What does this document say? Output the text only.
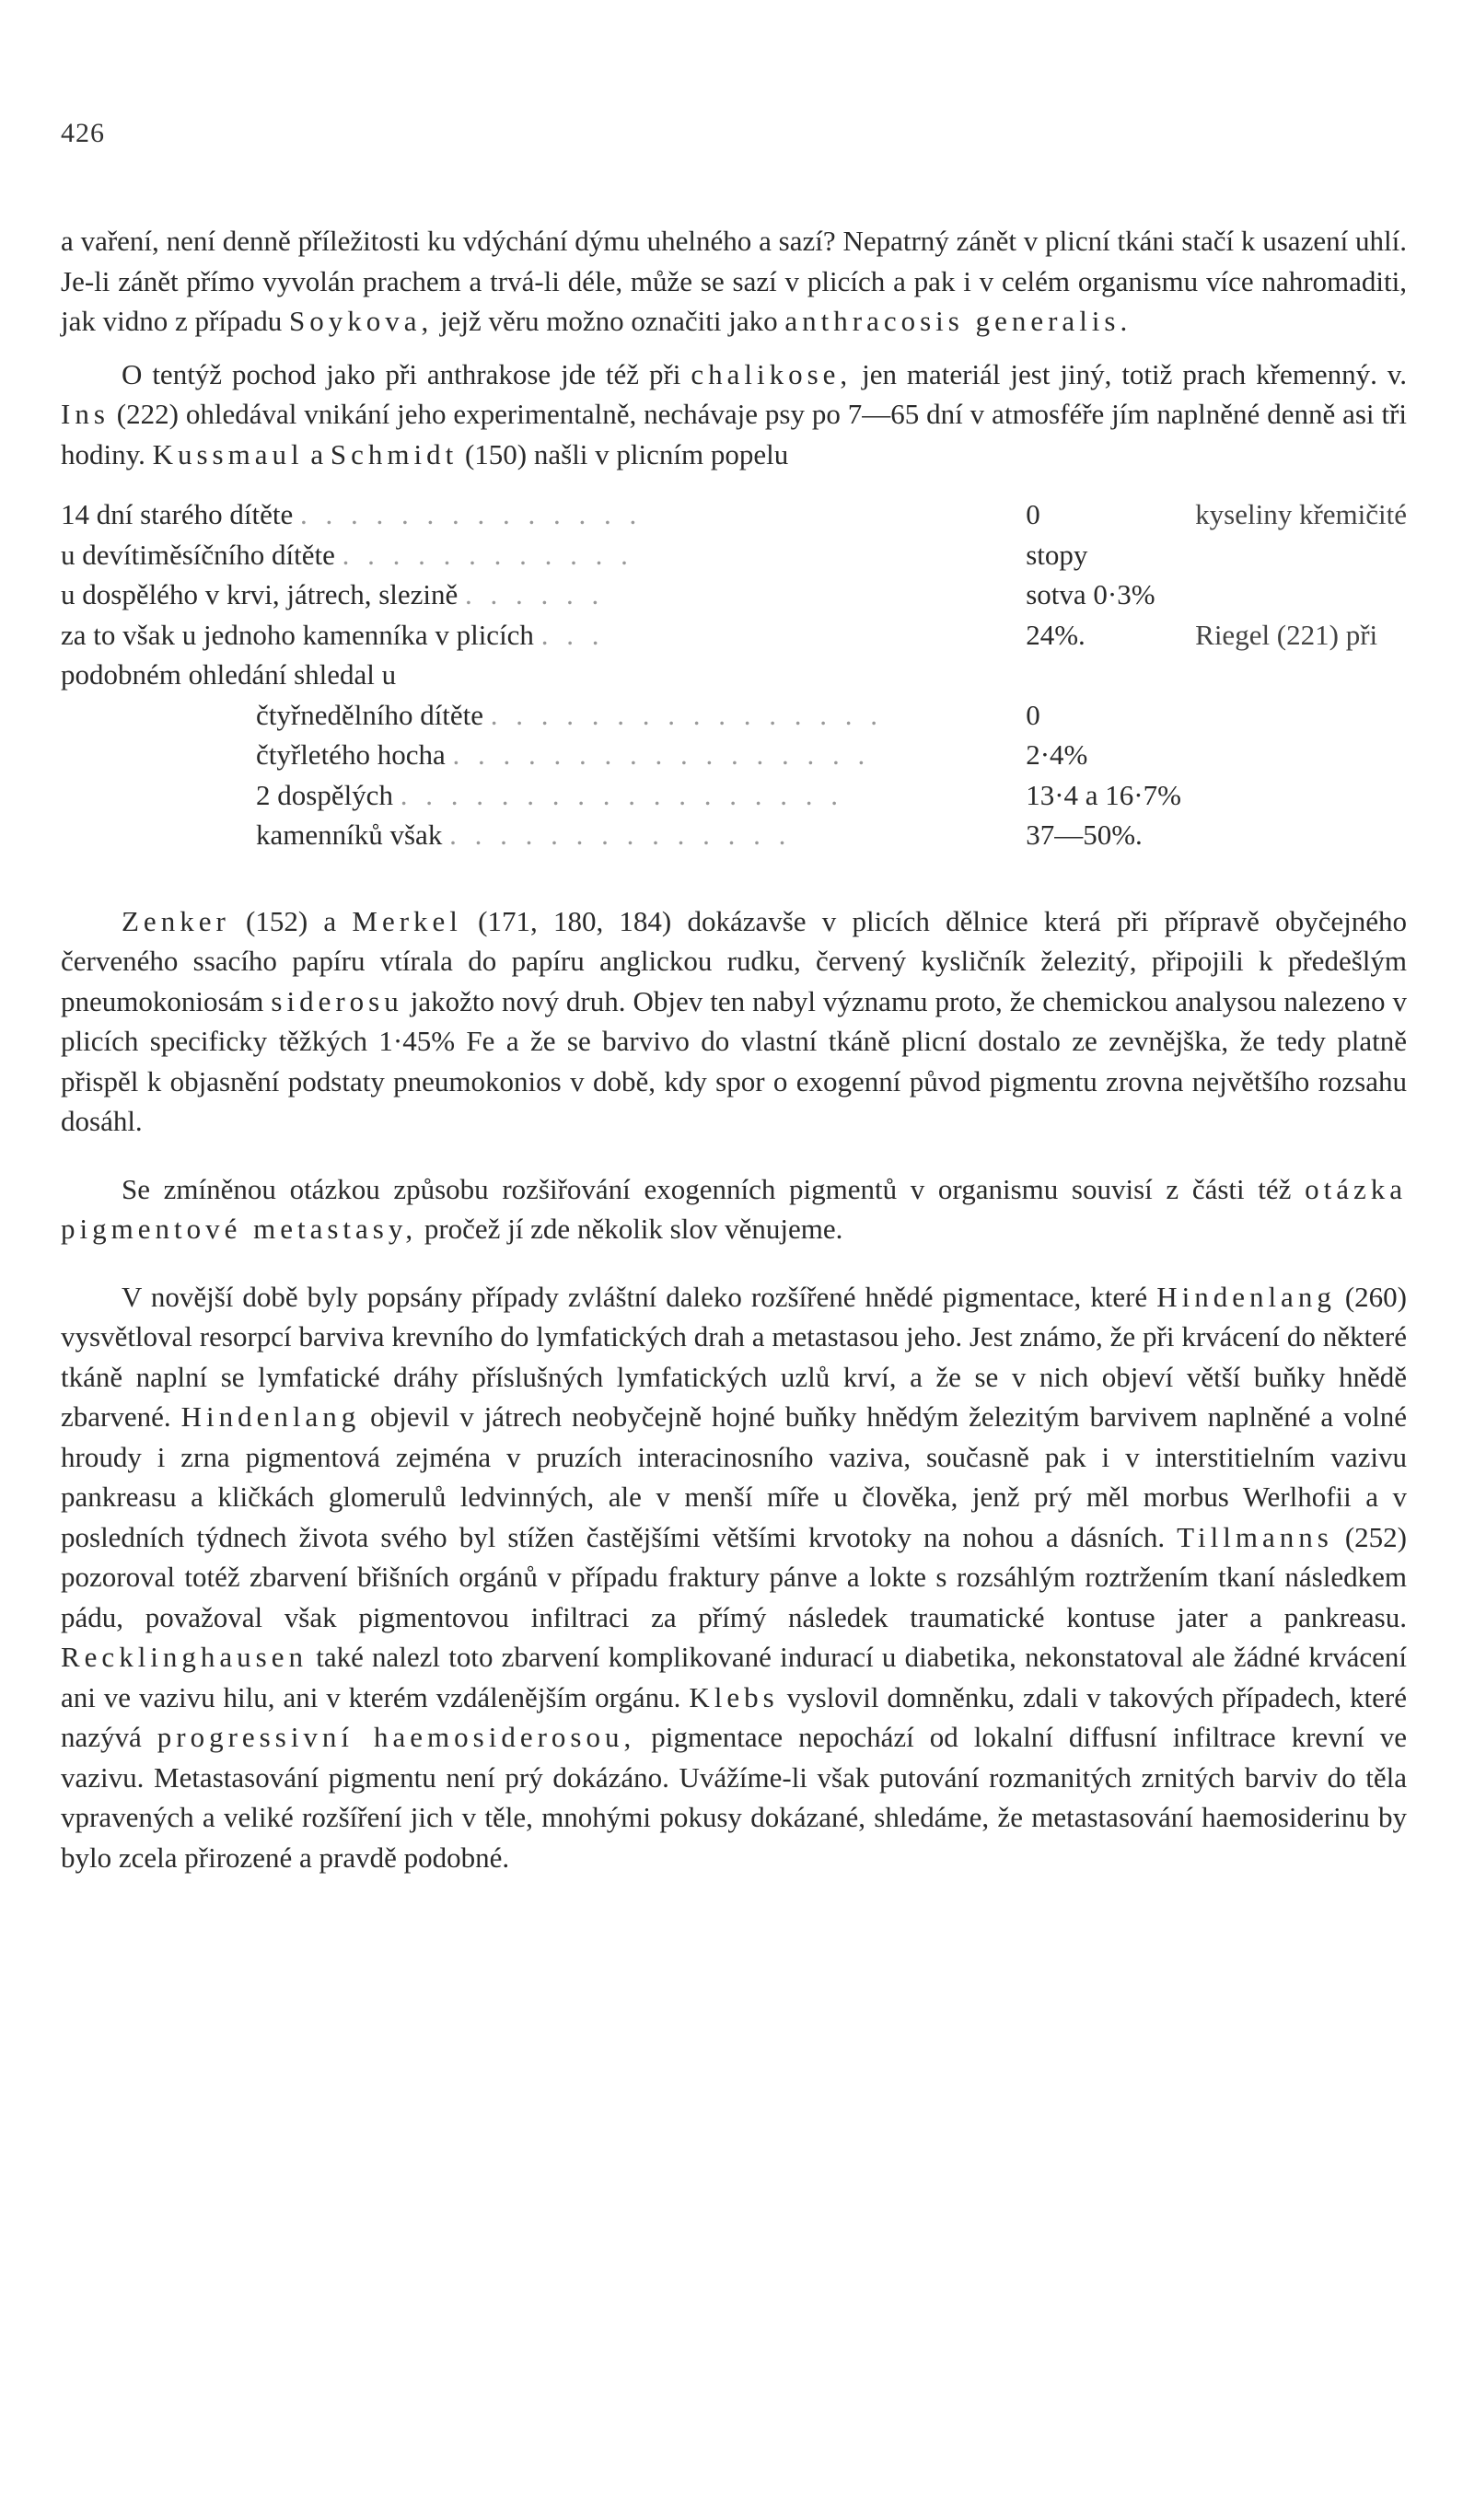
426

a vaření, není denně příležitosti ku vdýchání dýmu uhelného a sazí? Nepatrný zánět v plicní tkáni stačí k usazení uhlí. Je-li zánět přímo vyvolán prachem a trvá-li déle, může se sazí v plicích a pak i v celém organismu více nahromaditi, jak vidno z případu Soykova, jejž věru možno označiti jako anthracosis generalis.

O tentýž pochod jako při anthrakose jde též při chalikose, jen materiál jest jiný, totiž prach křemenný. v. Ins (222) ohledával vnikání jeho experimentalně, nechávaje psy po 7—65 dní v atmosféře jím naplněné denně asi tři hodiny. Kussmaul a Schmidt (150) našli v plicním popelu

14 dní starého dítěte . . . . . . . . . . . . . .	0	kyseliny křemičité
u devítiměsíčního dítěte . . . . . . . . . . . .	stopy	
u dospělého v krvi, játrech, slezině . . . . . .	sotva 0·3%	
za to však u jednoho kamenníka v plicích . . .	24%.	Riegel (221) při
podobném ohledání shledal u		
čtyřnedělního dítěte . . . . . . . . . . . . . . . .	0	
čtyřletého hocha . . . . . . . . . . . . . . . . .	2·4%	
2 dospělých . . . . . . . . . . . . . . . . . .	13·4 a 16·7%	
kamenníků však . . . . . . . . . . . . . .	37—50%.	

Zenker (152) a Merkel (171, 180, 184) dokázavše v plicích dělnice která při přípravě obyčejného červeného ssacího papíru vtírala do papíru anglickou rudku, červený kysličník železitý, připojili k předešlým pneumokoniosám siderosu jakožto nový druh. Objev ten nabyl významu proto, že chemickou analysou nalezeno v plicích specificky těžkých 1·45% Fe a že se barvivo do vlastní tkáně plicní dostalo ze zevnějška, že tedy platně přispěl k objasnění podstaty pneumokonios v době, kdy spor o exogenní původ pigmentu zrovna největšího rozsahu dosáhl.

Se zmíněnou otázkou způsobu rozšiřování exogenních pigmentů v organismu souvisí z části též otázka pigmentové metastasy, pročež jí zde několik slov věnujeme.

V novější době byly popsány případy zvláštní daleko rozšířené hnědé pigmentace, které Hindenlang (260) vysvětloval resorpcí barviva krevního do lymfatických drah a metastasou jeho. Jest známo, že při krvácení do některé tkáně naplní se lymfatické dráhy příslušných lymfatických uzlů krví, a že se v nich objeví větší buňky hnědě zbarvené. Hindenlang objevil v játrech neobyčejně hojné buňky hnědým železitým barvivem naplněné a volné hroudy i zrna pigmentová zejména v pruzích interacinosního vaziva, současně pak i v interstitielním vazivu pankreasu a kličkách glomerulů ledvinných, ale v menší míře u člověka, jenž prý měl morbus Werlhofii a v posledních týdnech života svého byl stížen častějšími většími krvotoky na nohou a dásních. Tillmanns (252) pozoroval totéž zbarvení břišních orgánů v případu fraktury pánve a lokte s rozsáhlým roztržením tkaní následkem pádu, považoval však pigmentovou infiltraci za přímý následek traumatické kontuse jater a pankreasu. Recklinghausen také nalezl toto zbarvení komplikované indurací u diabetika, nekonstatoval ale žádné krvácení ani ve vazivu hilu, ani v kterém vzdálenějším orgánu. Klebs vyslovil domněnku, zdali v takových případech, které nazývá progressivní haemosiderosou, pigmentace nepochází od lokalní diffusní infiltrace krevní ve vazivu. Metastasování pigmentu není prý dokázáno. Uvážíme-li však putování rozmanitých zrnitých barviv do těla vpravených a veliké rozšíření jich v těle, mnohými pokusy dokázané, shledáme, že metastasování haemosiderinu by bylo zcela přirozené a pravdě podobné.
